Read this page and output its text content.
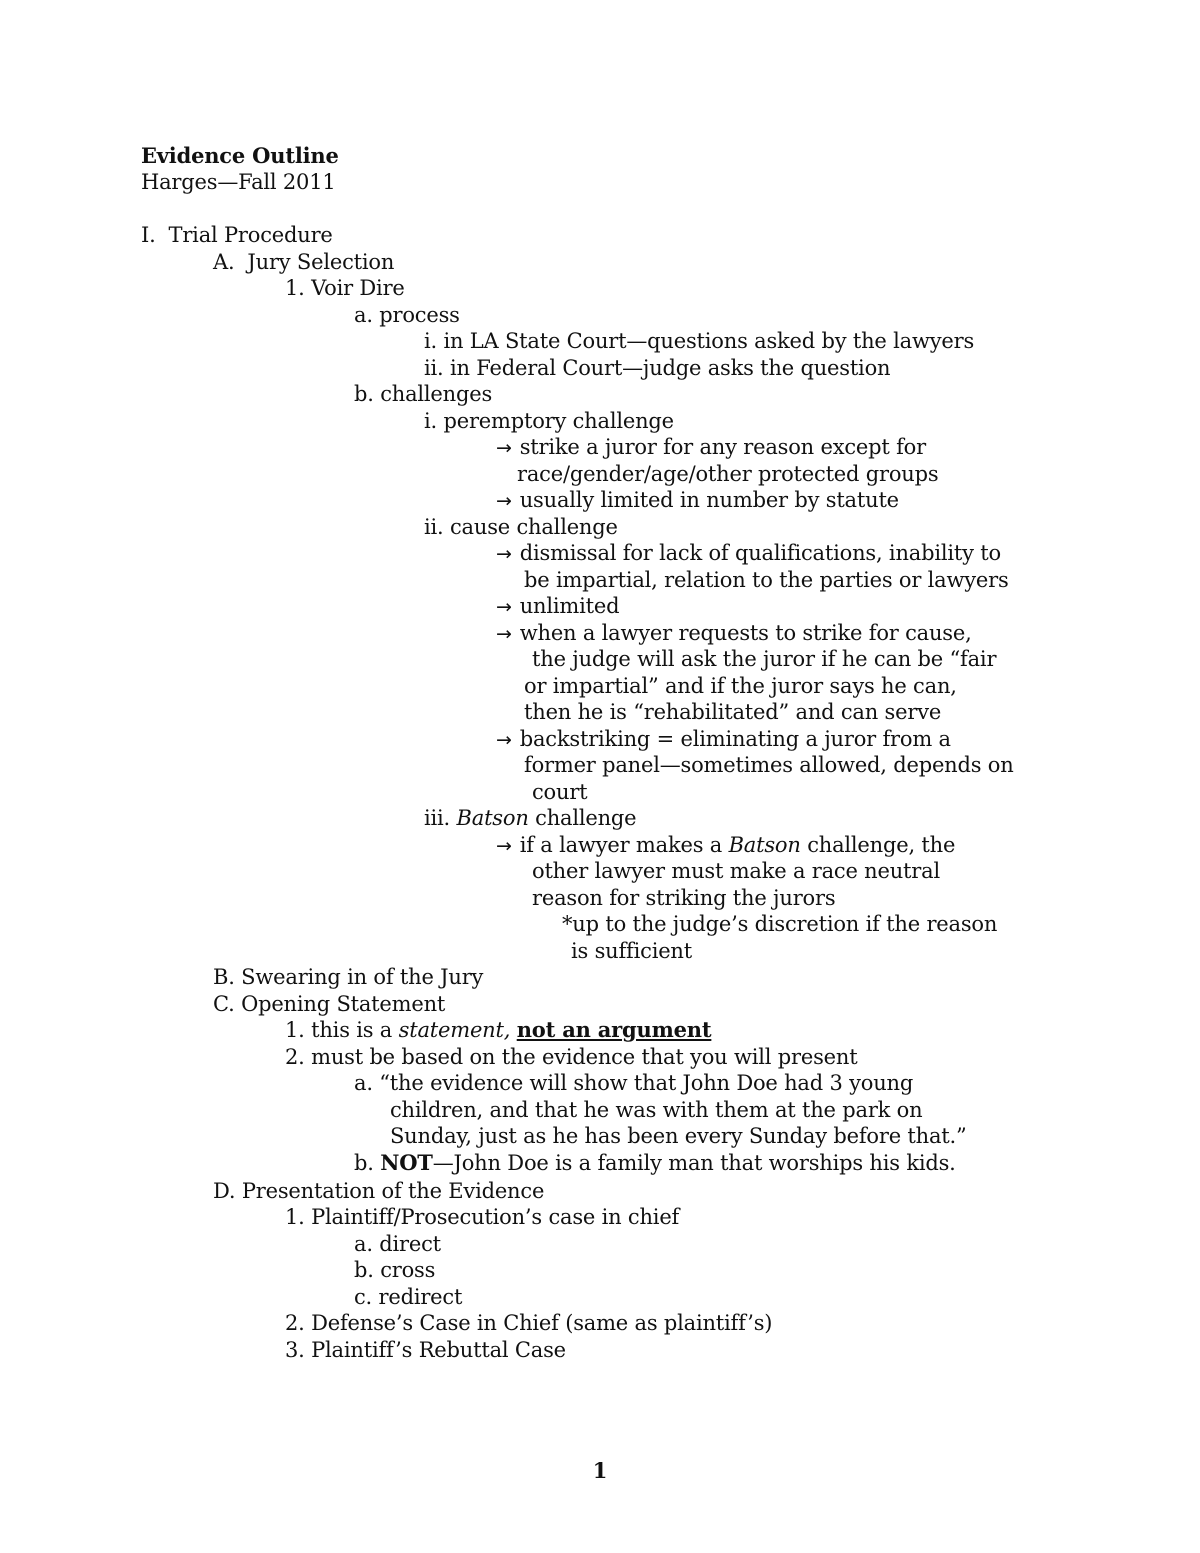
Evidence Outline
Harges—Fall 2011
I. Trial Procedure
A. Jury Selection
1. Voir Dire
a. process
i. in LA State Court—questions asked by the lawyers
ii. in Federal Court—judge asks the question
b. challenges
i. peremptory challenge
→ strike a juror for any reason except for
race/gender/age/other protected groups
→ usually limited in number by statute
ii. cause challenge
→ dismissal for lack of qualifications, inability to
be impartial, relation to the parties or lawyers
→ unlimited
→ when a lawyer requests to strike for cause,
the judge will ask the juror if he can be “fair
or impartial” and if the juror says he can,
then he is “rehabilitated” and can serve
→ backstriking = eliminating a juror from a
former panel—sometimes allowed, depends on
court
iii. Batson challenge
→ if a lawyer makes a Batson challenge, the
other lawyer must make a race neutral
reason for striking the jurors
*up to the judge’s discretion if the reason
is sufficient
B. Swearing in of the Jury
C. Opening Statement
1. this is a statement, not an argument
2. must be based on the evidence that you will present
a. “the evidence will show that John Doe had 3 young
children, and that he was with them at the park on
Sunday, just as he has been every Sunday before that.”
b. NOT—John Doe is a family man that worships his kids.
D. Presentation of the Evidence
1. Plaintiff/Prosecution’s case in chief
a. direct
b. cross
c. redirect
2. Defense’s Case in Chief (same as plaintiff’s)
3. Plaintiff’s Rebuttal Case
1
